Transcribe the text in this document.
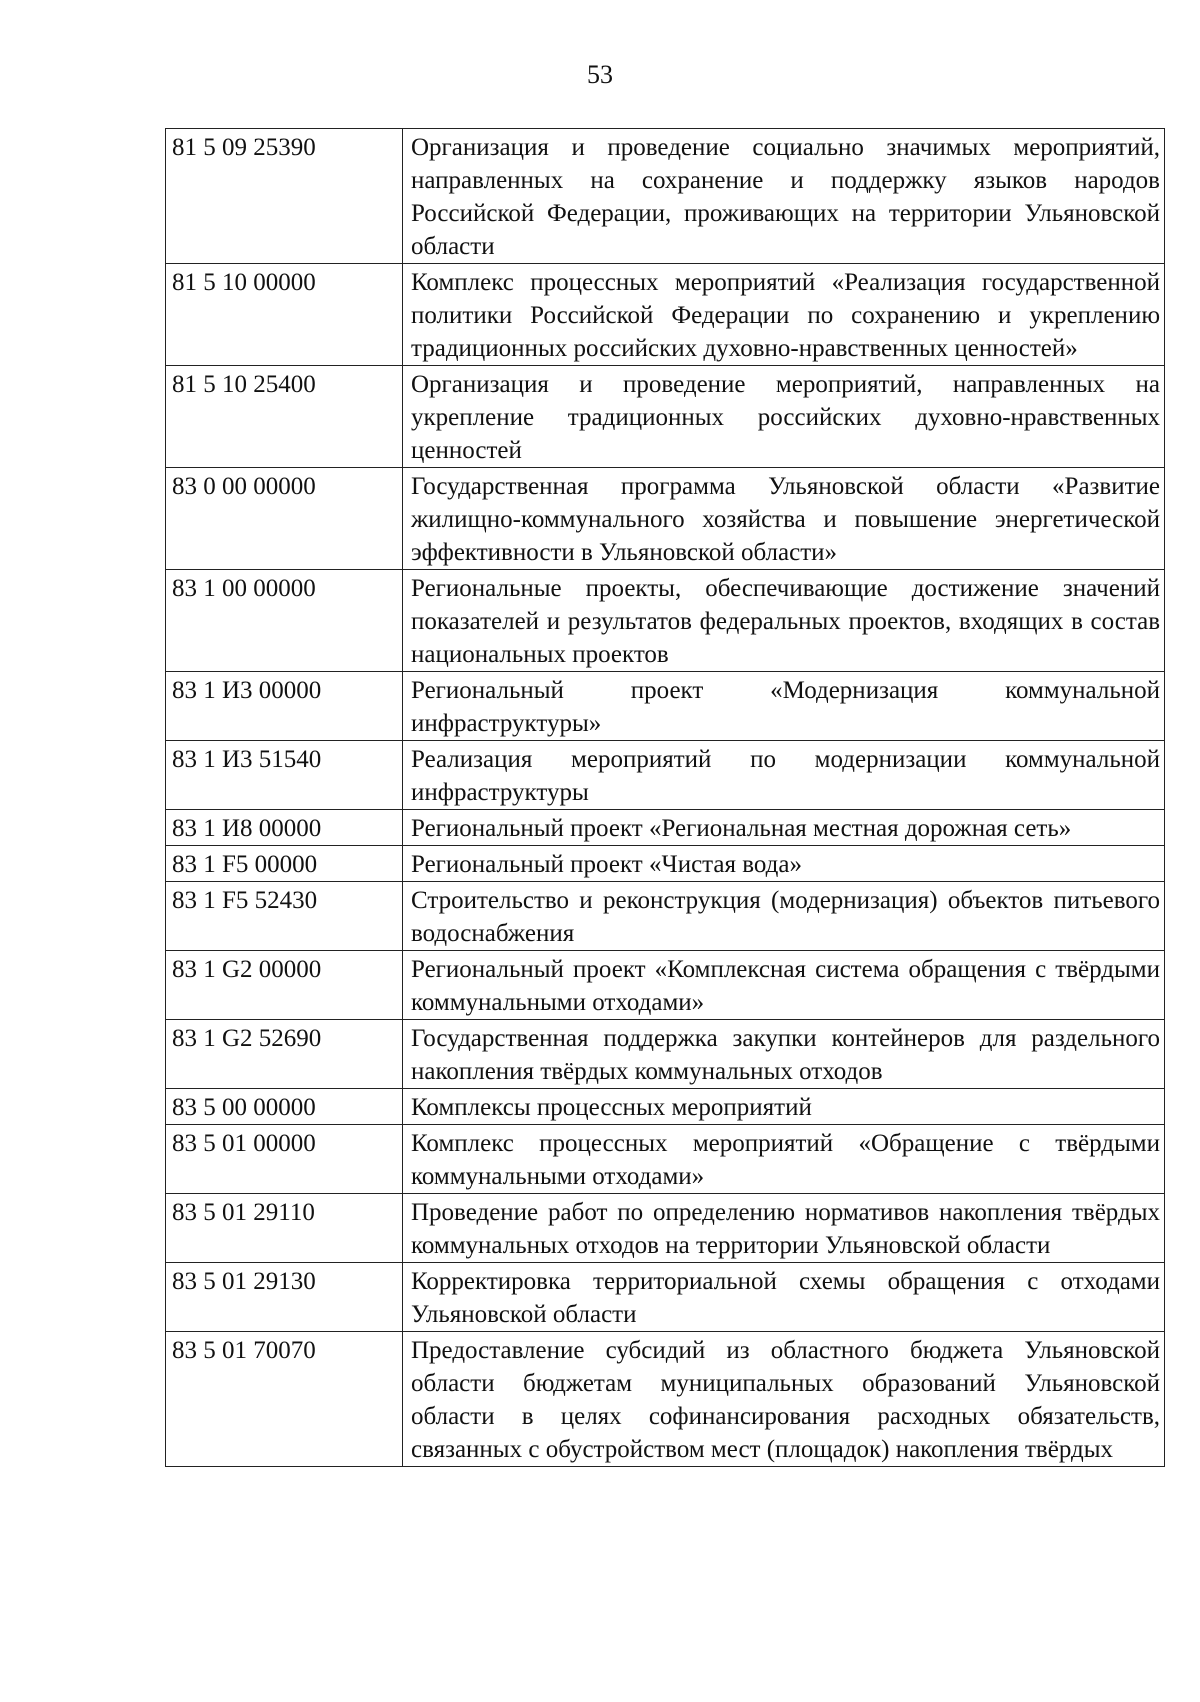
53
81 5 09 25390	Организация и проведение социально значимых мероприятий, направленных на сохранение и поддержку языков народов Российской Федерации, проживающих на территории Ульяновской области
81 5 10 00000	Комплекс процессных мероприятий «Реализация государственной политики Российской Федерации по сохранению и укреплению традиционных российских духовно-нравственных ценностей»
81 5 10 25400	Организация и проведение мероприятий, направленных на укрепление традиционных российских духовно-нравственных ценностей
83 0 00 00000	Государственная программа Ульяновской области «Развитие жилищно-коммунального хозяйства и повышение энергетической эффективности в Ульяновской области»
83 1 00 00000	Региональные проекты, обеспечивающие достижение значений показателей и результатов федеральных проектов, входящих в состав национальных проектов
83 1 И3 00000	Региональный проект «Модернизация коммунальной инфраструктуры»
83 1 И3 51540	Реализация мероприятий по модернизации коммунальной инфраструктуры
83 1 И8 00000	Региональный проект «Региональная местная дорожная сеть»
83 1 F5 00000	Региональный проект «Чистая вода»
83 1 F5 52430	Строительство и реконструкция (модернизация) объектов питьевого водоснабжения
83 1 G2 00000	Региональный проект «Комплексная система обращения с твёрдыми коммунальными отходами»
83 1 G2 52690	Государственная поддержка закупки контейнеров для раздельного накопления твёрдых коммунальных отходов
83 5 00 00000	Комплексы процессных мероприятий
83 5 01 00000	Комплекс процессных мероприятий «Обращение с твёрдыми коммунальными отходами»
83 5 01 29110	Проведение работ по определению нормативов накопления твёрдых коммунальных отходов на территории Ульяновской области
83 5 01 29130	Корректировка территориальной схемы обращения с отходами Ульяновской области
83 5 01 70070	Предоставление субсидий из областного бюджета Ульяновской области бюджетам муниципальных образований Ульяновской области в целях софинансирования расходных обязательств, связанных с обустройством мест (площадок) накопления твёрдых
